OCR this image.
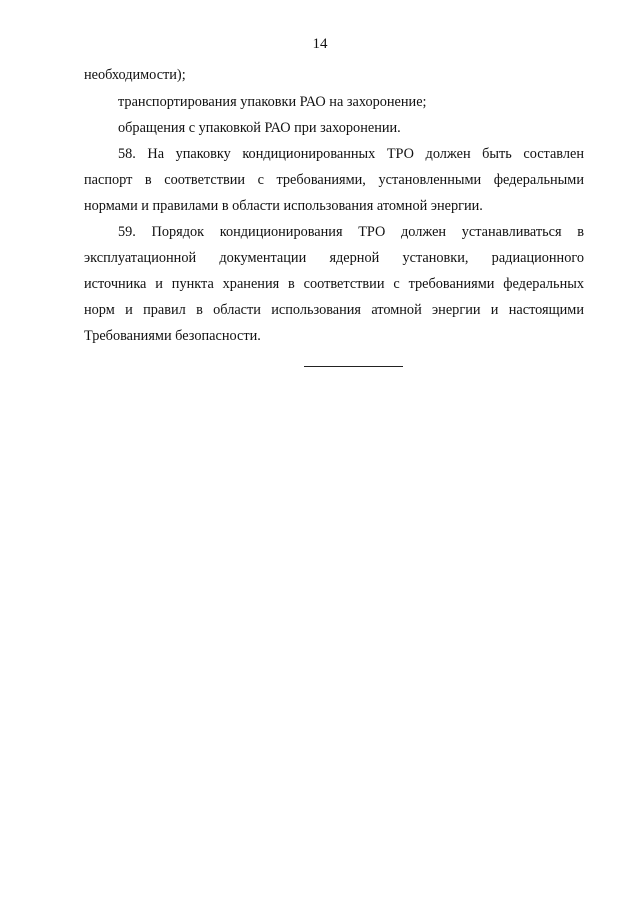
14
необходимости);
транспортирования упаковки РАО на захоронение;
обращения с упаковкой РАО при захоронении.
58. На упаковку кондиционированных ТРО должен быть составлен
паспорт в соответствии с требованиями, установленными федеральными
нормами и правилами в области использования атомной энергии.
59. Порядок кондиционирования ТРО должен устанавливаться в
эксплуатационной документации ядерной установки, радиационного
источника и пункта хранения в соответствии с требованиями федеральных
норм и правил в области использования атомной энергии и настоящими
Требованиями безопасности.
